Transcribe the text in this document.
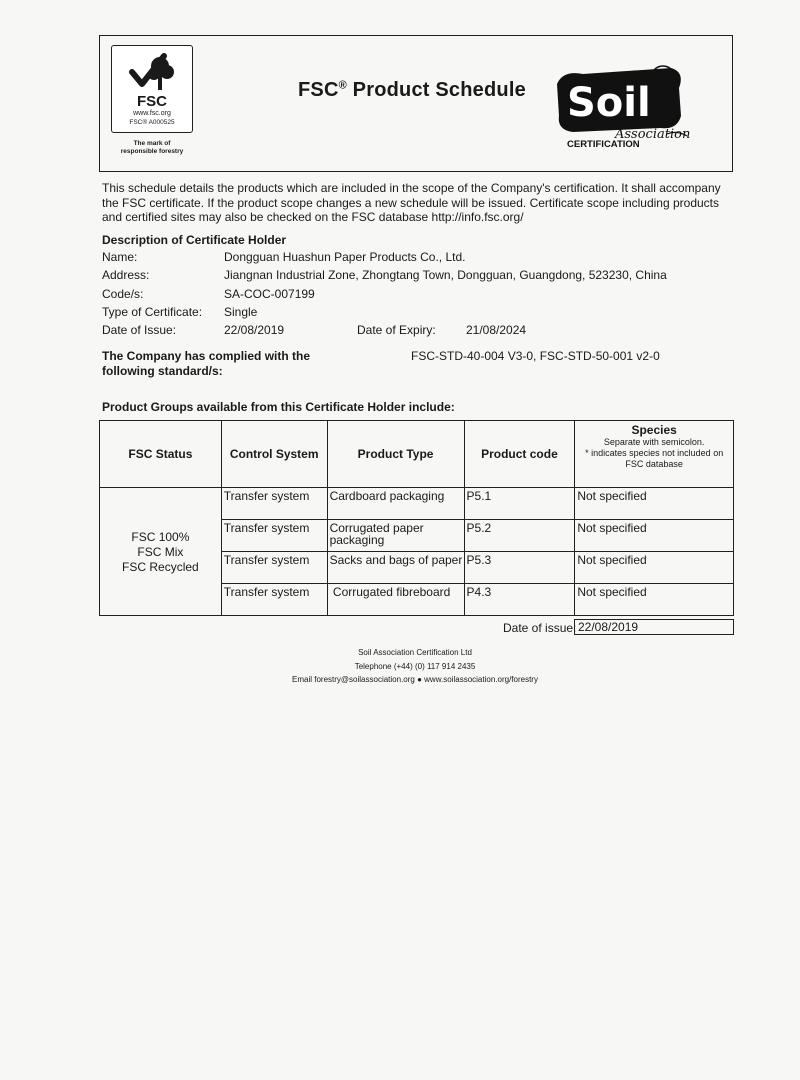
FSC
www.fsc.org
FSC® A000525
The mark of
responsible forestry
FSC® Product Schedule Soil
Association
CERTIFICATION
This schedule details the products which are included in the scope of the Company's certification. It shall accompany the FSC certificate. If the product scope changes a new schedule will be issued. Certificate scope including products and certified sites may also be checked on the FSC database http://info.fsc.org/
Description of Certificate Holder
Name:	Dongguan Huashun Paper Products Co., Ltd.
Address:	Jiangnan Industrial Zone, Zhongtang Town, Dongguan, Guangdong, 523230, China
Code/s:	SA-COC-007199
Type of Certificate: Single
Date of Issue:	22/08/2019	Date of Expiry:	21/08/2024
The Company has complied with the
following standard/s:
FSC-STD-40-004 V3-0, FSC-STD-50-001 v2-0
Product Groups available from this Certificate Holder include:
FSC Status	Control System	Product Type	Product code	Species
Separate with semicolon.
* indicates species not included on
FSC database

FSC 100%
FSC Mix
FSC Recycled	Transfer system	Cardboard packaging	P5.1	Not specified
	Transfer system	Corrugated paper
packaging	P5.2	Not specified
	Transfer system	Sacks and bags of paper	P5.3	Not specified
	Transfer system	Corrugated fibreboard	P4.3	Not specified
Date of issue: 22/08/2019
Soil Association Certification Ltd
Telephone (+44) (0) 117 914 2435
Email forestry@soilassociation.org ● www.soilassociation.org/forestry
